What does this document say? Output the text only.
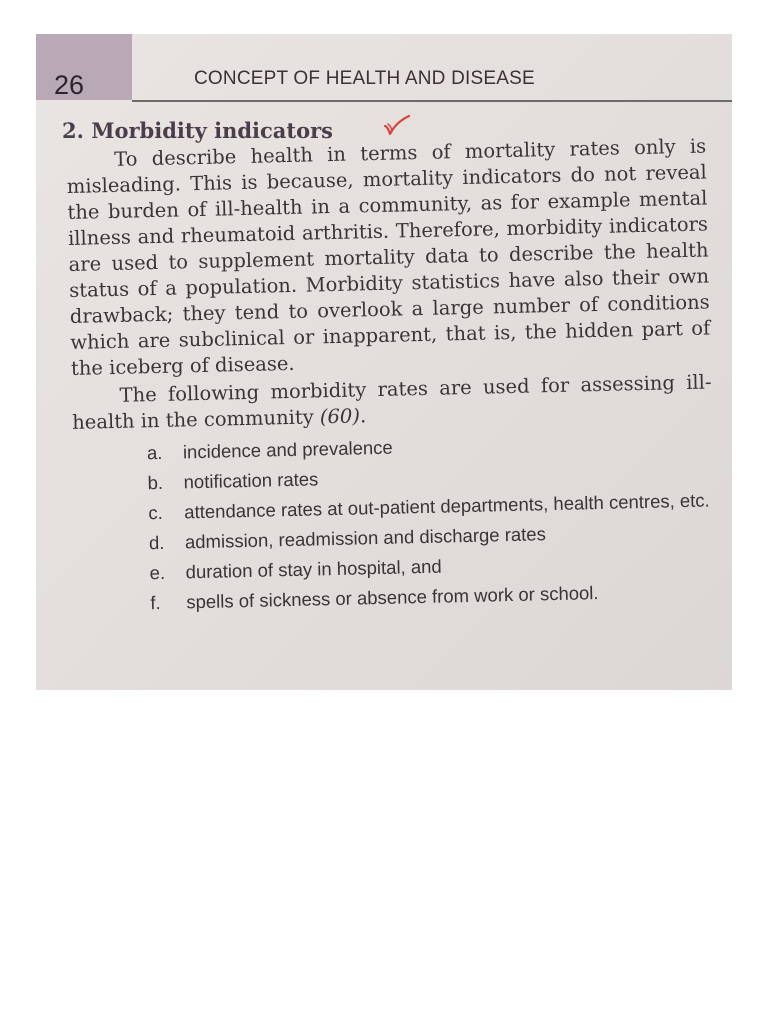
26	CONCEPT OF HEALTH AND DISEASE
2. Morbidity indicators

To describe health in terms of mortality rates only is misleading. This is because, mortality indicators do not reveal the burden of ill-health in a community, as for example mental illness and rheumatoid arthritis. Therefore, morbidity indicators are used to supplement mortality data to describe the health status of a population. Morbidity statistics have also their own drawback; they tend to overlook a large number of conditions which are subclinical or inapparent, that is, the hidden part of the iceberg of disease.

The following morbidity rates are used for assessing ill-health in the community (60).

a.	incidence and prevalence
b.	notification rates
c.	attendance rates at out-patient departments, health centres, etc.
d.	admission, readmission and discharge rates
e.	duration of stay in hospital, and
f.	spells of sickness or absence from work or school.
